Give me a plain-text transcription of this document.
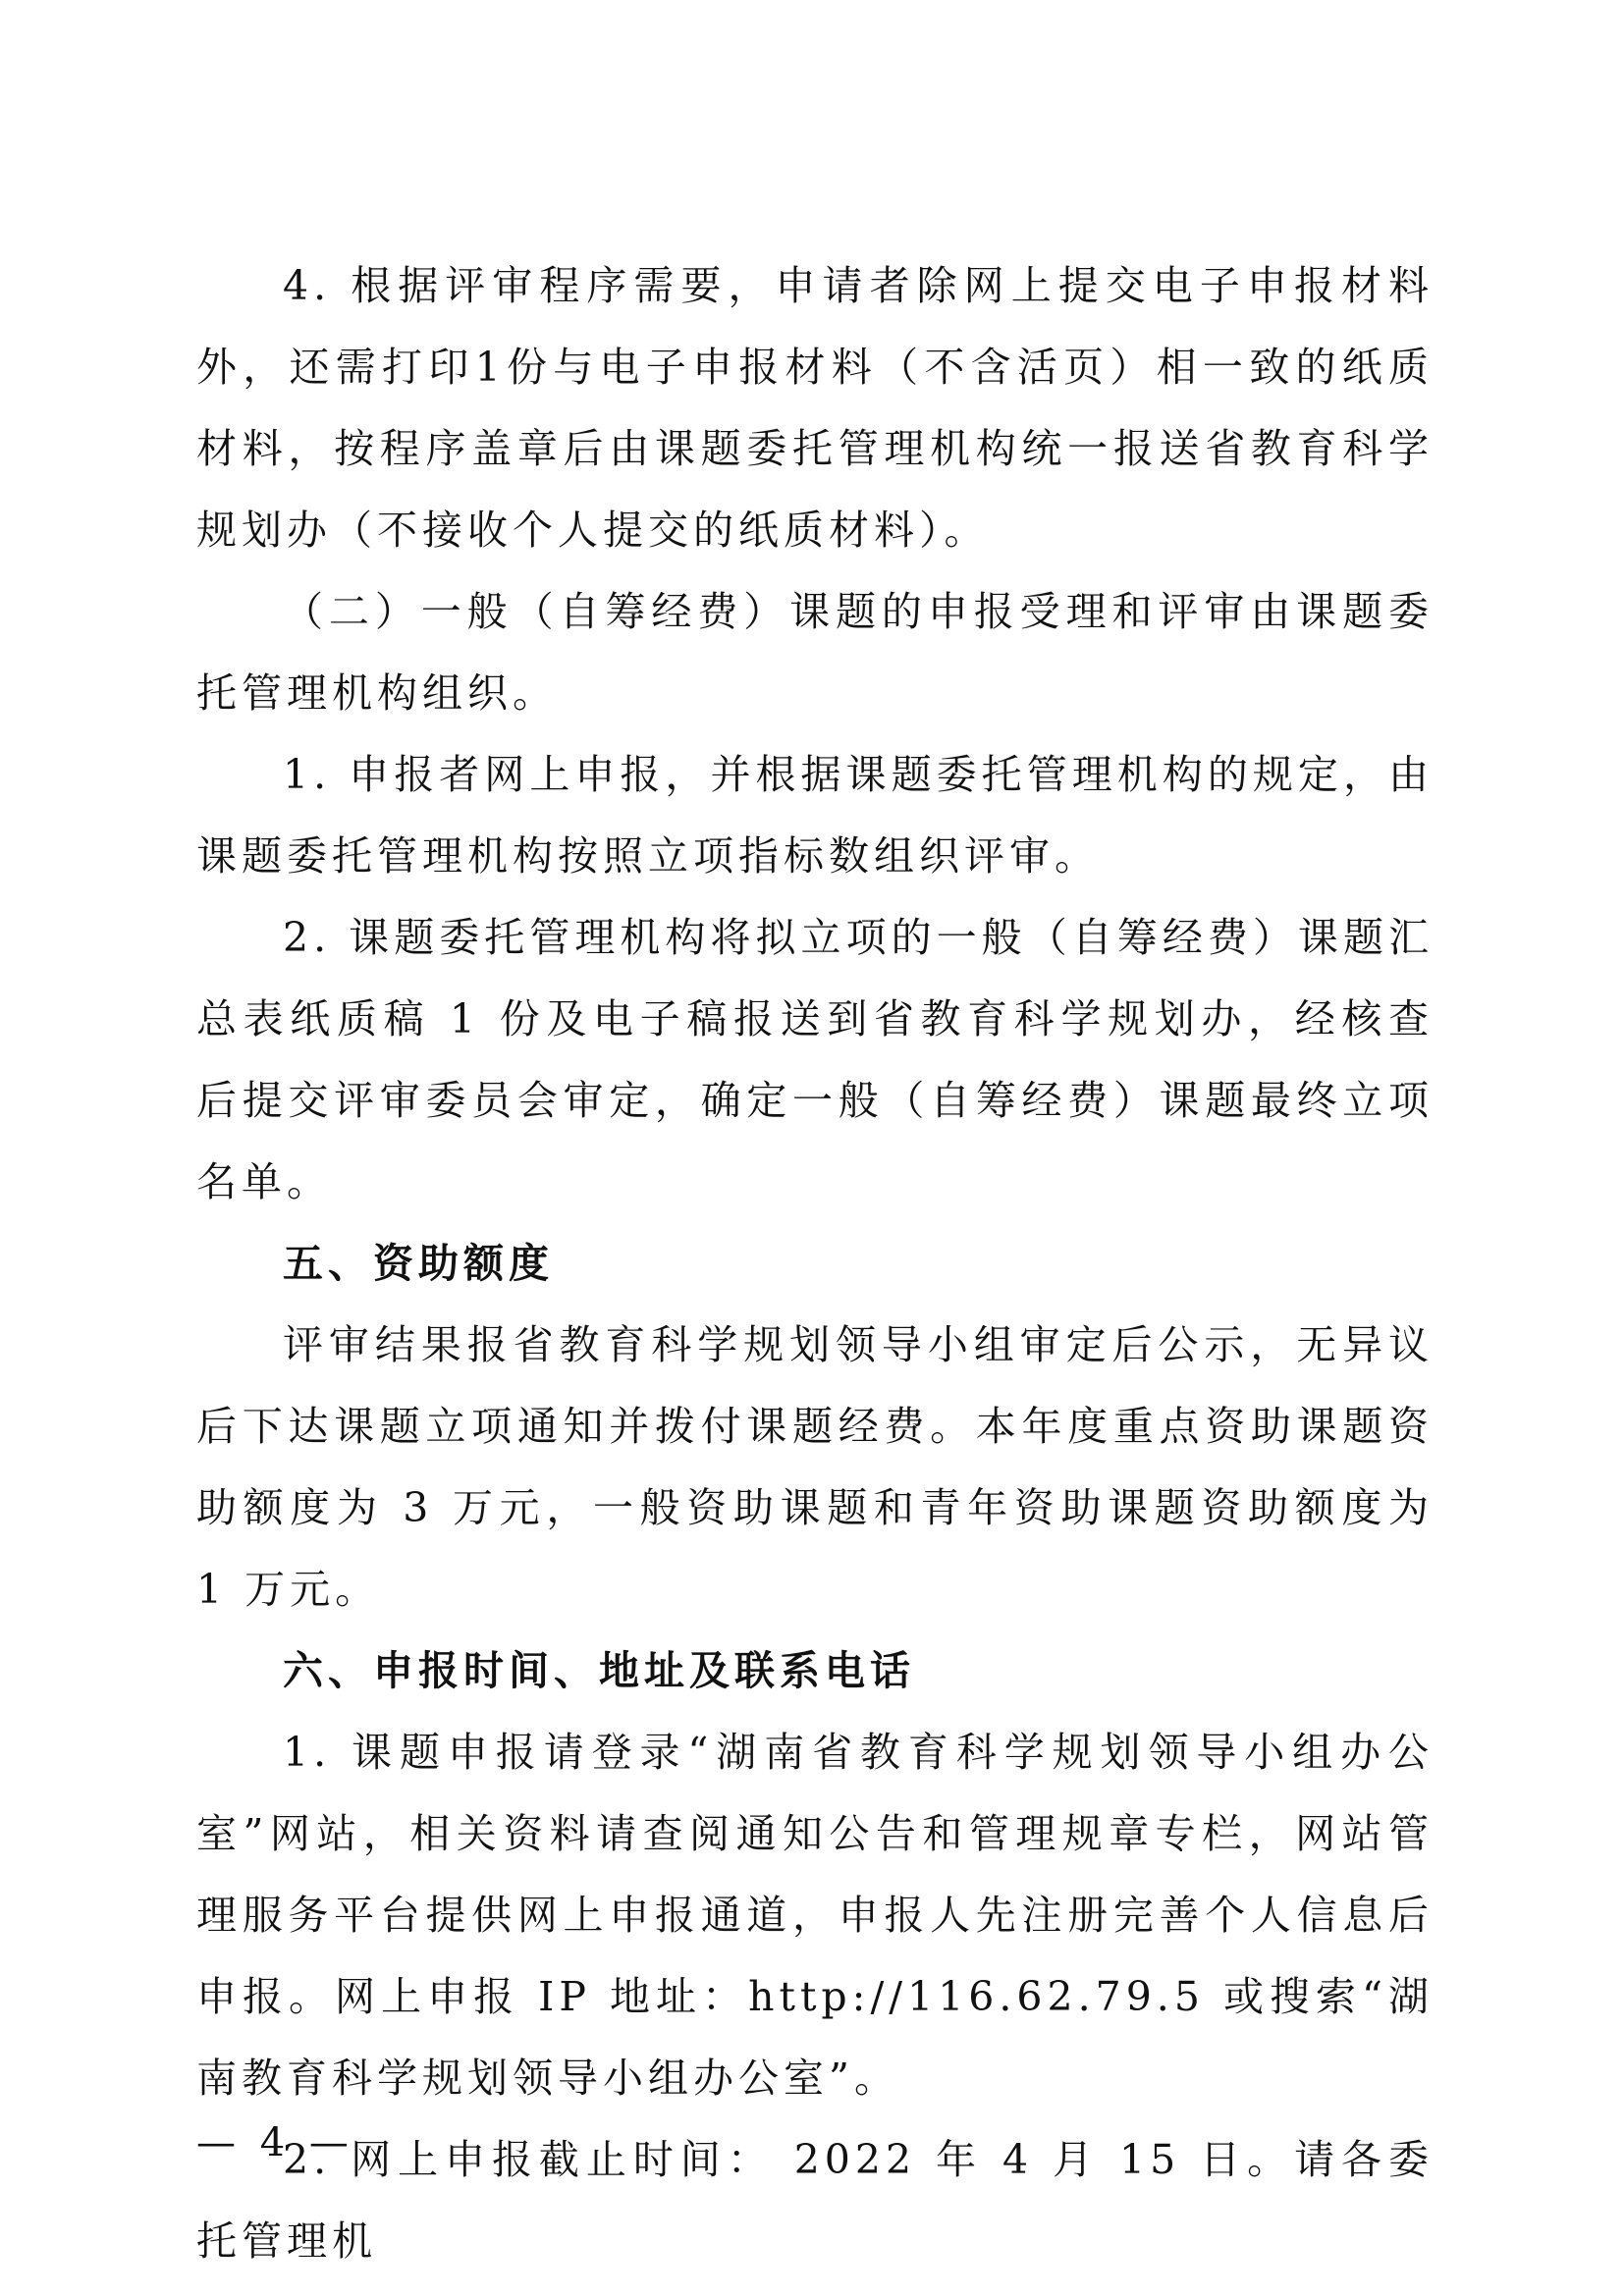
4. 根据评审程序需要，申请者除网上提交电子申报材料外，还需打印1份与电子申报材料（不含活页）相一致的纸质材料，按程序盖章后由课题委托管理机构统一报送省教育科学规划办（不接收个人提交的纸质材料）。

（二）一般（自筹经费）课题的申报受理和评审由课题委托管理机构组织。

1. 申报者网上申报，并根据课题委托管理机构的规定，由课题委托管理机构按照立项指标数组织评审。

2. 课题委托管理机构将拟立项的一般（自筹经费）课题汇总表纸质稿 1 份及电子稿报送到省教育科学规划办，经核查后提交评审委员会审定，确定一般（自筹经费）课题最终立项名单。

五、资助额度

评审结果报省教育科学规划领导小组审定后公示，无异议后下达课题立项通知并拨付课题经费。本年度重点资助课题资助额度为 3 万元，一般资助课题和青年资助课题资助额度为 1 万元。

六、申报时间、地址及联系电话

1. 课题申报请登录“湖南省教育科学规划领导小组办公室”网站，相关资料请查阅通知公告和管理规章专栏，网站管理服务平台提供网上申报通道，申报人先注册完善个人信息后申报。网上申报 IP 地址：http://116.62.79.5 或搜索“湖南教育科学规划领导小组办公室”。

2. 网上申报截止时间： 2022 年 4 月 15 日。请各委托管理机

— 4 —
